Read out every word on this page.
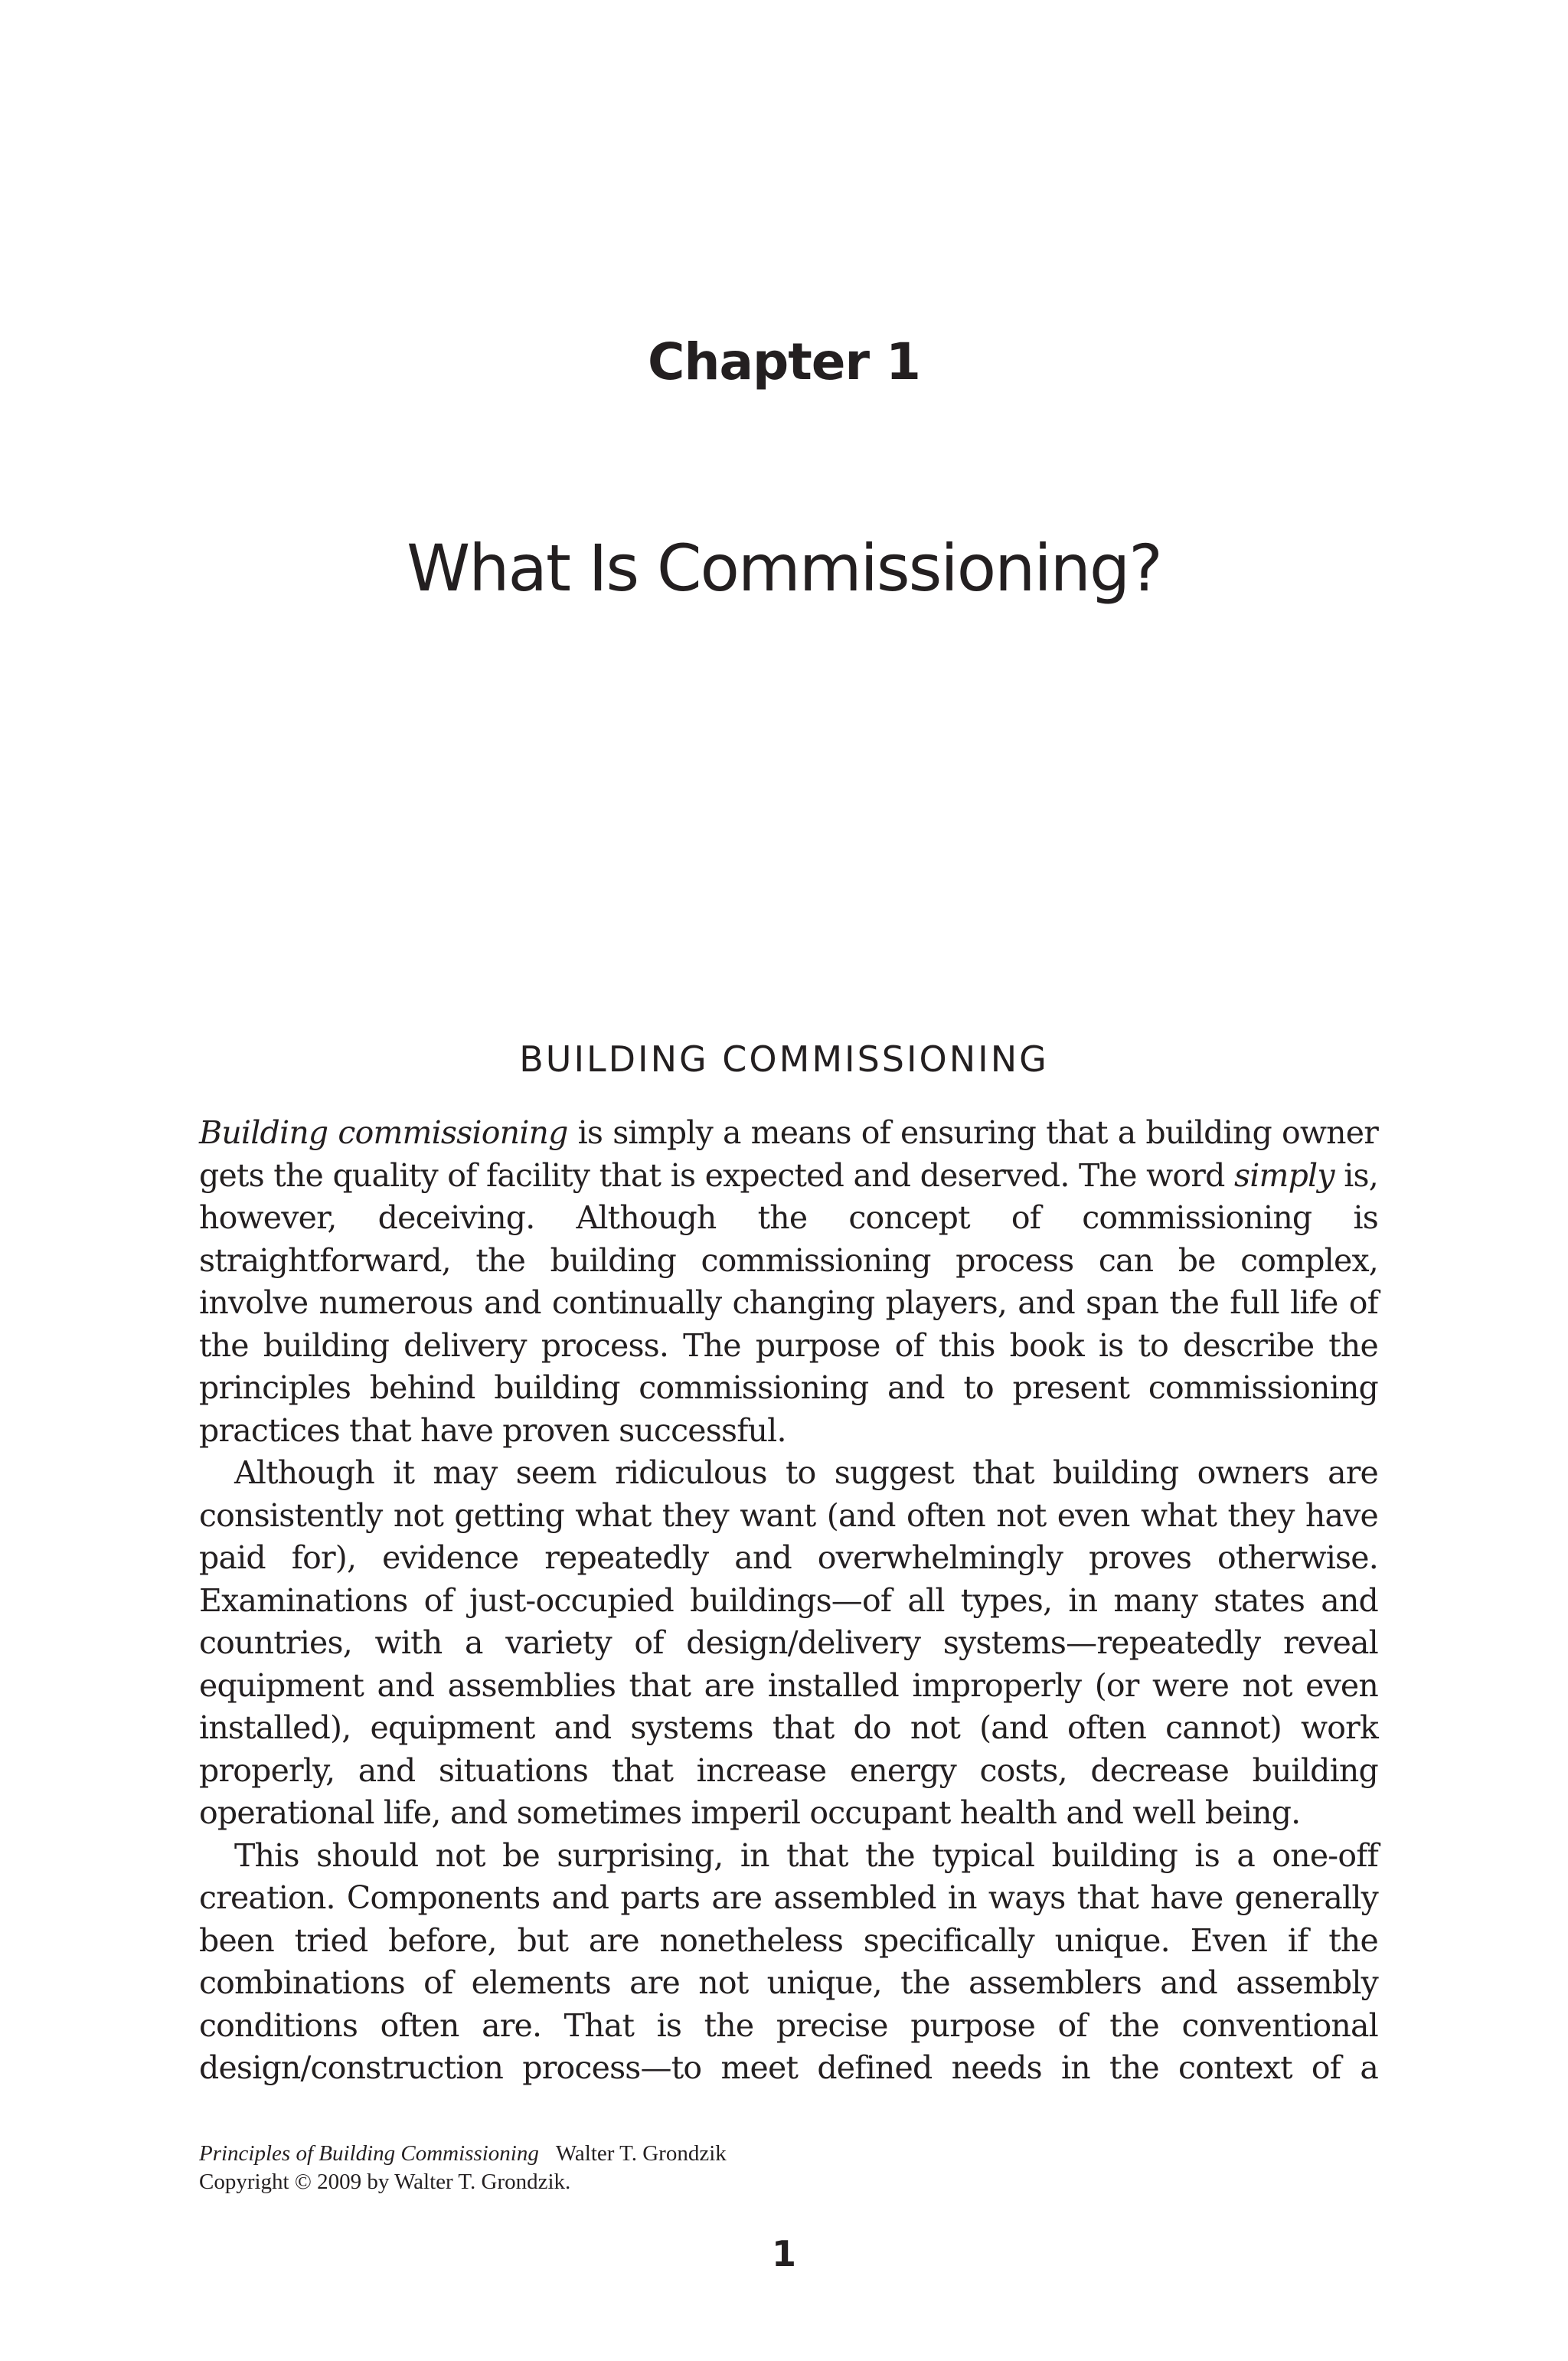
Chapter 1
What Is Commissioning?
BUILDING COMMISSIONING

Building commissioning is simply a means of ensuring that a building owner gets the quality of facility that is expected and deserved. The word simply is, however, deceiving. Although the concept of commissioning is straightforward, the building commissioning process can be complex, involve numerous and continually changing players, and span the full life of the building delivery process. The purpose of this book is to describe the principles behind building commissioning and to present commissioning practices that have proven successful.

Although it may seem ridiculous to suggest that building owners are consistently not getting what they want (and often not even what they have paid for), evidence repeatedly and overwhelmingly proves otherwise. Examinations of just-occupied buildings—of all types, in many states and countries, with a variety of design/delivery systems—repeatedly reveal equipment and assemblies that are installed improperly (or were not even installed), equipment and systems that do not (and often cannot) work properly, and situations that increase energy costs, decrease building operational life, and sometimes imperil occupant health and well being.

This should not be surprising, in that the typical building is a one-off creation. Components and parts are assembled in ways that have generally been tried before, but are nonetheless specifically unique. Even if the combinations of elements are not unique, the assemblers and assembly conditions often are. That is the precise purpose of the conventional design/construction process—to meet defined needs in the context of a

Principles of Building Commissioning Walter T. Grondzik
Copyright © 2009 by Walter T. Grondzik.
1
